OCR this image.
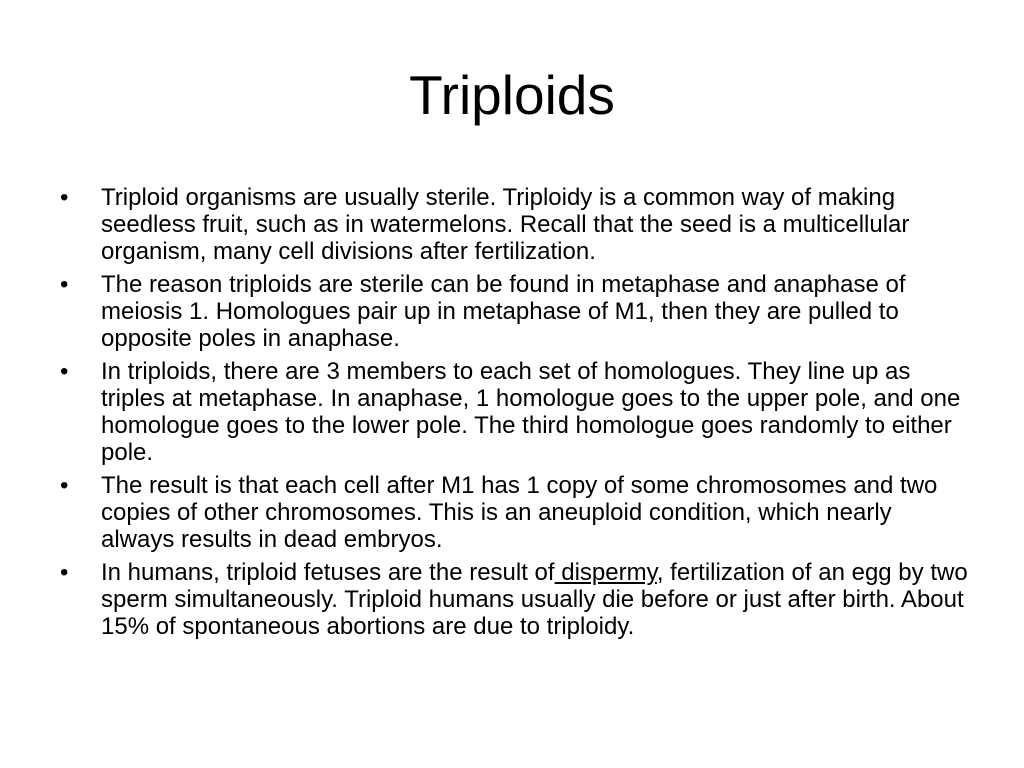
Triploids
• Triploid organisms are usually sterile. Triploidy is a common way of making seedless fruit, such as in watermelons. Recall that the seed is a multicellular organism, many cell divisions after fertilization.
• The reason triploids are sterile can be found in metaphase and anaphase of meiosis 1. Homologues pair up in metaphase of M1, then they are pulled to opposite poles in anaphase.
• In triploids, there are 3 members to each set of homologues. They line up as triples at metaphase. In anaphase, 1 homologue goes to the upper pole, and one homologue goes to the lower pole. The third homologue goes randomly to either pole.
• The result is that each cell after M1 has 1 copy of some chromosomes and two copies of other chromosomes. This is an aneuploid condition, which nearly always results in dead embryos.
• In humans, triploid fetuses are the result of dispermy, fertilization of an egg by two sperm simultaneously. Triploid humans usually die before or just after birth. About 15% of spontaneous abortions are due to triploidy.
